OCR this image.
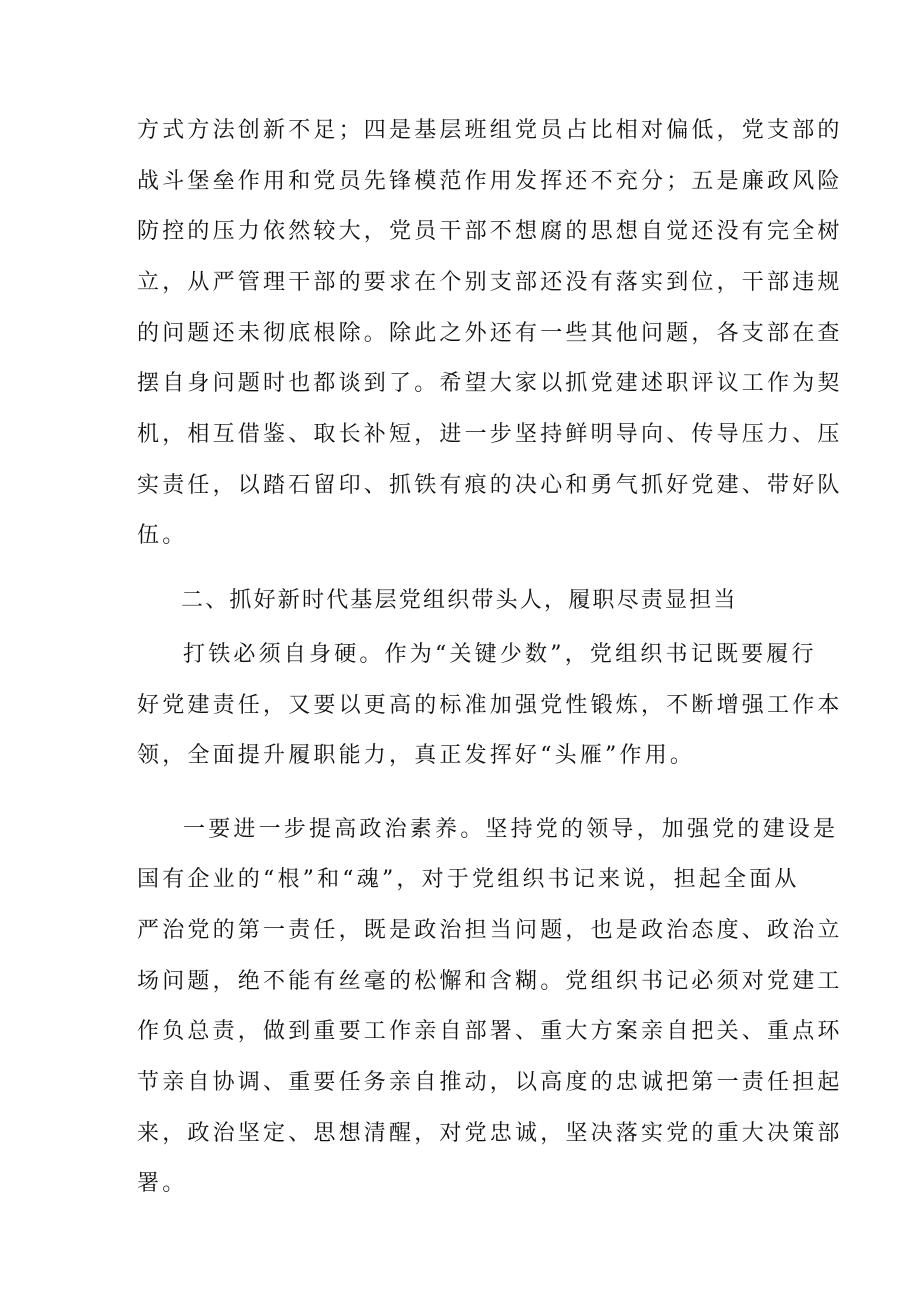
方式方法创新不足；四是基层班组党员占比相对偏低，党支部的
战斗堡垒作用和党员先锋模范作用发挥还不充分；五是廉政风险
防控的压力依然较大，党员干部不想腐的思想自觉还没有完全树
立，从严管理干部的要求在个别支部还没有落实到位，干部违规
的问题还未彻底根除。除此之外还有一些其他问题，各支部在查
摆自身问题时也都谈到了。希望大家以抓党建述职评议工作为契
机，相互借鉴、取长补短，进一步坚持鲜明导向、传导压力、压
实责任，以踏石留印、抓铁有痕的决心和勇气抓好党建、带好队
伍。
二、抓好新时代基层党组织带头人，履职尽责显担当
打铁必须自身硬。作为“关键少数”，党组织书记既要履行
好党建责任，又要以更高的标准加强党性锻炼，不断增强工作本
领，全面提升履职能力，真正发挥好“头雁”作用。
一要进一步提高政治素养。坚持党的领导，加强党的建设是
国有企业的“根”和“魂”，对于党组织书记来说，担起全面从
严治党的第一责任，既是政治担当问题，也是政治态度、政治立
场问题，绝不能有丝毫的松懈和含糊。党组织书记必须对党建工
作负总责，做到重要工作亲自部署、重大方案亲自把关、重点环
节亲自协调、重要任务亲自推动，以高度的忠诚把第一责任担起
来，政治坚定、思想清醒，对党忠诚，坚决落实党的重大决策部
署。
